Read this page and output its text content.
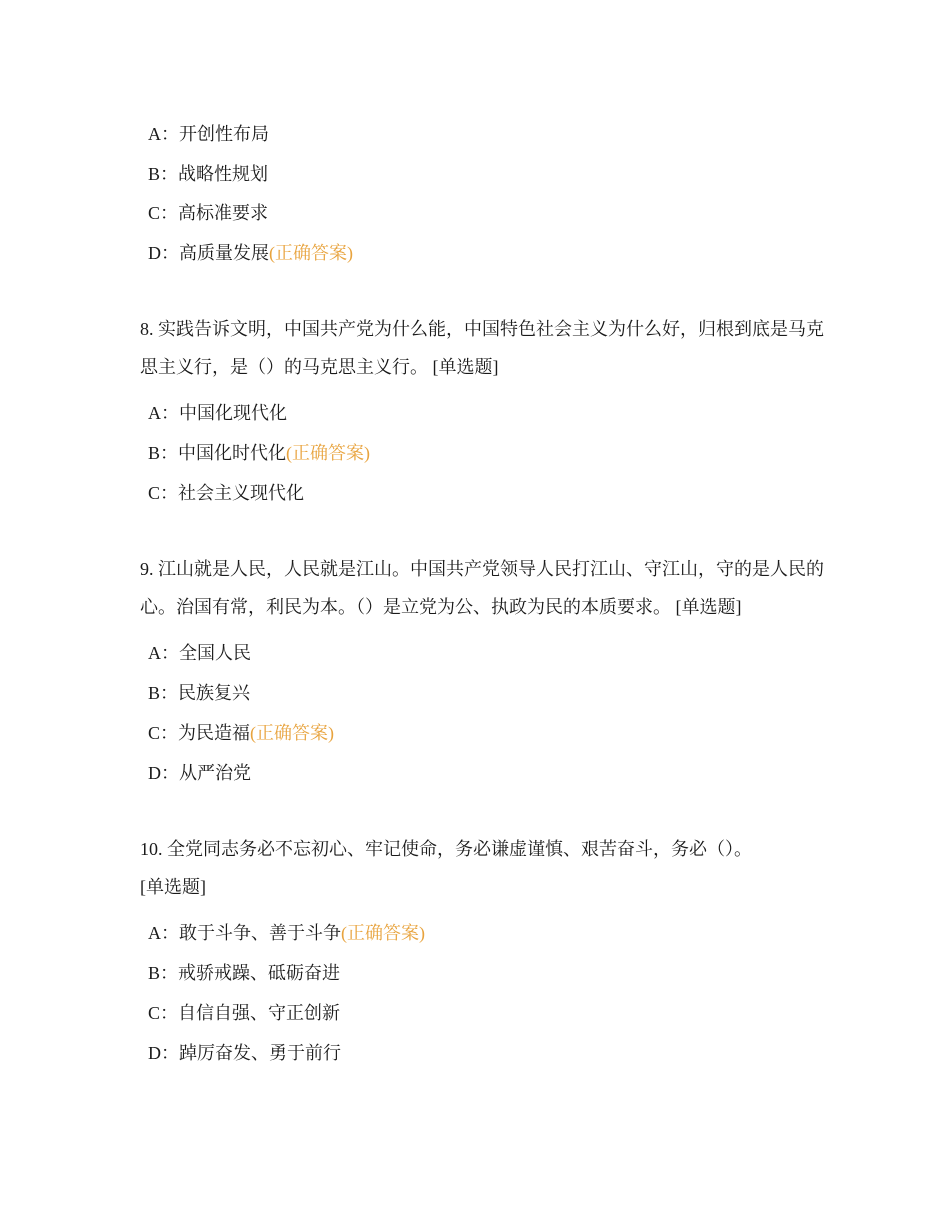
A：开创性布局
B：战略性规划
C：高标准要求
D：高质量发展(正确答案)
8. 实践告诉文明，中国共产党为什么能，中国特色社会主义为什么好，归根到底是马克思主义行，是（）的马克思主义行。 [单选题]
A：中国化现代化
B：中国化时代化(正确答案)
C：社会主义现代化
9. 江山就是人民，人民就是江山。中国共产党领导人民打江山、守江山，守的是人民的心。治国有常，利民为本。（）是立党为公、执政为民的本质要求。 [单选题]
A：全国人民
B：民族复兴
C：为民造福(正确答案)
D：从严治党
10. 全党同志务必不忘初心、牢记使命，务必谦虚谨慎、艰苦奋斗，务必（）。
[单选题]
A：敢于斗争、善于斗争(正确答案)
B：戒骄戒躁、砥砺奋进
C：自信自强、守正创新
D：踔厉奋发、勇于前行
